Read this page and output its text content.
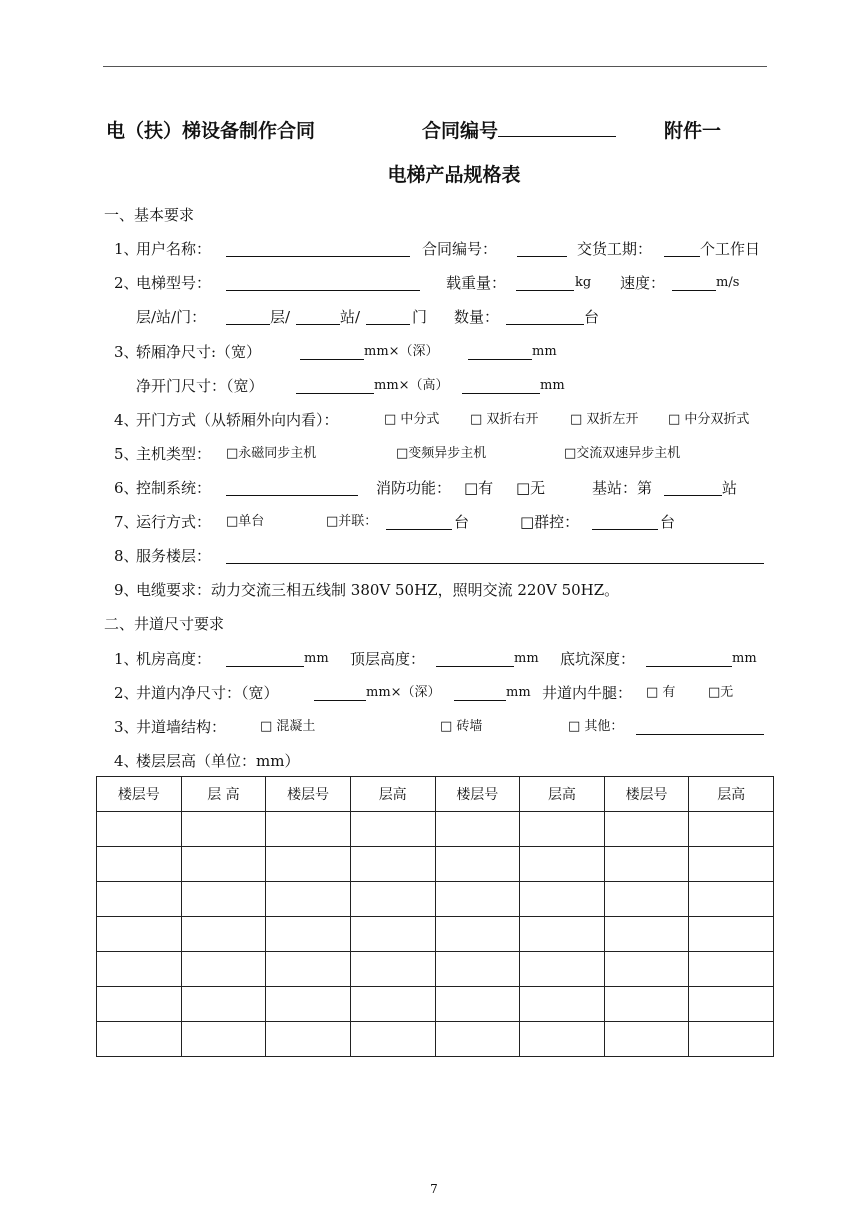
电（扶）梯设备制作合同	合同编号	附件一
电梯产品规格表
一、基本要求
1、
用户名称：	合同编号：	交货工期：	个工作日
2、
电梯型号：	载重量：	kg 速度：	m/s
层/站/门：	层/	站/	门 数量：	台
3、
轿厢净尺寸:（宽）	mm×（深）	mm
净开门尺寸：（宽）	mm×（高）	mm
4、
开门方式（从轿厢外向内看）：	□ 中分式 □ 双折右开 □ 双折左开 □ 中分双折式
5、
主机类型： □永磁同步主机	□变频异步主机	□交流双速异步主机
6、
控制系统：	消防功能： □有 □无	基站：第	站
7、
运行方式： □单台	□并联：	台	□群控：	台
8、
服务楼层：
9、
电缆要求：动力交流三相五线制 380V 50HZ，照明交流 220V 50HZ。
二、井道尺寸要求
1、
机房高度：	mm 顶层高度：	mm 底坑深度：	mm
2、
井道内净尺寸：（宽）	mm×（深）	mm 井道内牛腿： □ 有	□无
3、
井道墙结构：	□ 混凝土	□ 砖墙	□ 其他：
4、
楼层层高（单位：mm）
楼层号	层 高	楼层号	层高	楼层号	层高	楼层号	层高

7
